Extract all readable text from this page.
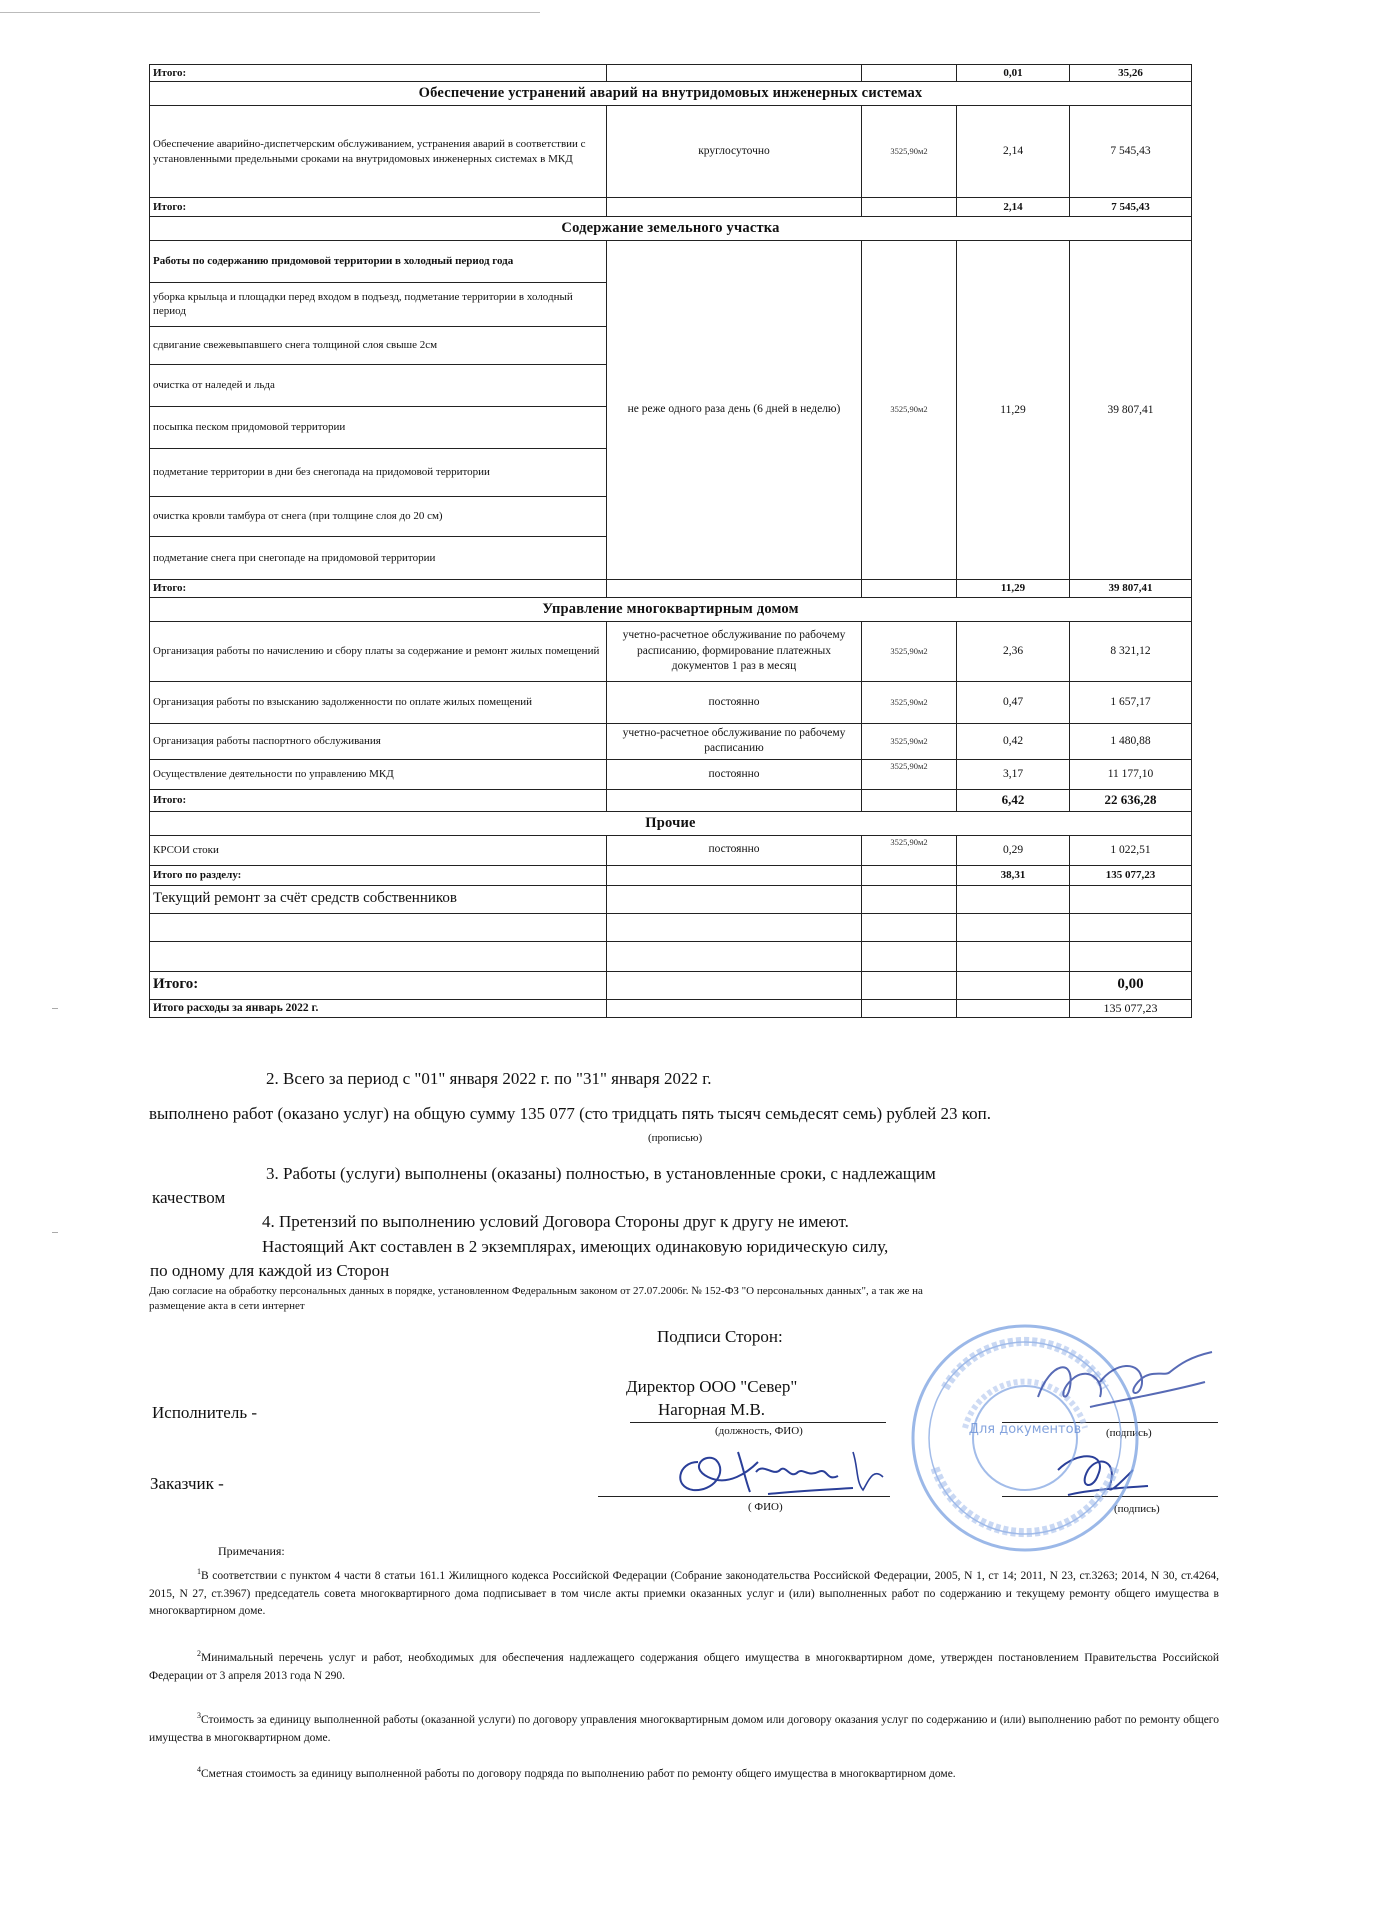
Итого:			0,01	35,26
Обеспечение устранений аварий на внутридомовых инженерных системах				
Обеспечение аварийно-диспетчерским обслуживанием, устранения аварий в соответствии с установленными предельными сроками на внутридомовых инженерных системах в МКД	круглосуточно	3525,90м2	2,14	7 545,43
Итого:			2,14	7 545,43
Содержание земельного участка				
Работы по содержанию придомовой территории в холодный период года	не реже одного раза день (6 дней в неделю)	3525,90м2	11,29	39 807,41
уборка крыльца и площадки перед входом в подъезд, подметание территории в холодный период				
сдвигание свежевыпавшего снега толщиной слоя свыше 2см				
очистка от наледей и льда				
посыпка песком придомовой территории				
подметание территории в дни без снегопада на придомовой территории				
очистка кровли тамбура от снега (при толщине слоя до 20 см)				
подметание снега при снегопаде на придомовой территории				
Итого:			11,29	39 807,41
Управление многоквартирным домом				
Организация работы по начислению и сбору платы за содержание и ремонт жилых помещений	учетно-расчетное обслуживание по рабочему расписанию, формирование платежных документов 1 раз в месяц	3525,90м2	2,36	8 321,12
Организация работы по взысканию задолженности по оплате жилых помещений	постоянно	3525,90м2	0,47	1 657,17
Организация работы паспортного обслуживания	учетно-расчетное обслуживание по рабочему расписанию	3525,90м2	0,42	1 480,88
Осуществление деятельности по управлению МКД	постоянно	3525,90м2	3,17	11 177,10
Итого:			6,42	22 636,28
Прочие				
КРСОИ стоки	постоянно	3525,90м2	0,29	1 022,51
Итого по разделу:			38,31	135 077,23
Текущий ремонт за счёт средств собственников				

Итого:				0,00
Итого расходы за январь 2022 г.				135 077,23
2. Всего за период с "01" января 2022 г. по "31" января 2022 г.
выполнено работ (оказано услуг) на общую сумму 135 077 (сто тридцать пять тысяч семьдесят семь) рублей 23 коп.
(прописью)
3. Работы (услуги) выполнены (оказаны) полностью, в установленные сроки, с надлежащим
качеством
4. Претензий по выполнению условий Договора Стороны друг к другу не имеют.
Настоящий Акт составлен в 2 экземплярах, имеющих одинаковую юридическую силу,
по одному для каждой из Сторон
Даю согласие на обработку персональных данных в порядке, установленном Федеральным законом от 27.07.2006г. № 152-ФЗ "О персональных данных", а так же на
размещение акта в сети интернет
Подписи Сторон:
Директор ООО "Север"
Исполнитель -	Нагорная М.В.
(должность, ФИО)	(подпись)
Заказчик -
( ФИО)	(подпись)
Для документов
Примечания:
$^1$В соответствии с пунктом 4 части 8 статьи 161.1 Жилищного кодекса Российской Федерации (Собрание законодательства Российской Федерации, 2005, N 1, ст 14; 2011, N 23, ст.3263; 2014, N 30, ст.4264, 2015, N 27, ст.3967) председатель совета многоквартирного дома подписывает в том числе акты приемки оказанных услуг и (или) выполненных работ по содержанию и текущему ремонту общего имущества в многоквартирном доме.
$^2$Минимальный перечень услуг и работ, необходимых для обеспечения надлежащего содержания общего имущества в многоквартирном доме, утвержден постановлением Правительства Российской Федерации от 3 апреля 2013 года N 290.
$^3$Стоимость за единицу выполненной работы (оказанной услуги) по договору управления многоквартирным домом или договору оказания услуг по содержанию и (или) выполнению работ по ремонту общего имущества в многоквартирном доме.
$^4$Сметная стоимость за единицу выполненной работы по договору подряда по выполнению работ по ремонту общего имущества в многоквартирном доме.
